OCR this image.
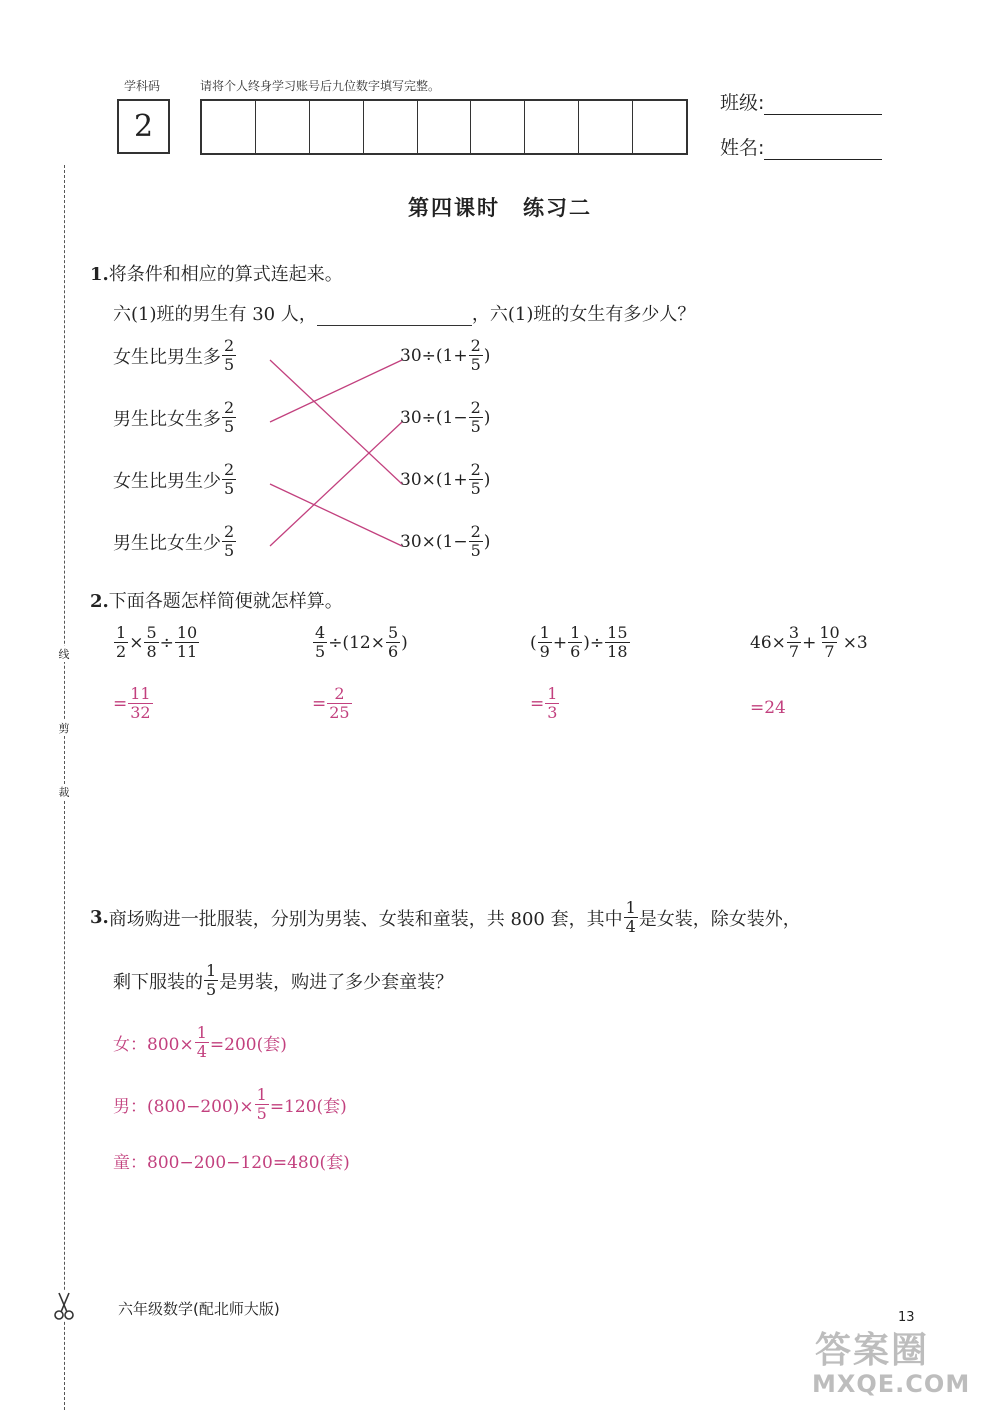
学科码	请将个人终身学习账号后九位数字填写完整。
2
班级:
姓名:
线
剪
裁
第四课时　练习二
1.将条件和相应的算式连起来。
六(1)班的男生有 30 人，	，六(1)班的女生有多少人？
女生比男生多 $\frac{2}{5}$
男生比女生多 $\frac{2}{5}$
女生比男生少 $\frac{2}{5}$
男生比女生少 $\frac{2}{5}$
$30\div(1+ \frac{2}{5}$ )
$30\div(1- \frac{2}{5}$ )
$30\times(1+ \frac{2}{5}$ )
$30\times(1- \frac{2}{5}$ )
2.下面各题怎样简便就怎样算。
$\frac{1}{2} \times \frac{5}{8} \div \frac{10}{11}$
= $\frac{11}{32}$
$\frac{4}{5} \div(12\times \frac{5}{6}$ )
= $\frac{2}{25}$
( $\frac{1}{9} + \frac{1}{6}$ )÷ $\frac{15}{18}$
= $\frac{1}{3}$
$46\times \frac{3}{7} + \frac{10}{7} \times 3$
=24
3. 商场购进一批服装，分别为男装、女装和童装，共 800 套，其中 $\frac{1}{4}$ 是女装，除女装外，
剩下服装的 $\frac{1}{5}$ 是男装，购进了多少套童装？
女：$800\times \frac{1}{4} =200$(套)
男：$(800-200)\times \frac{1}{5} =120$(套)
童：800−200−120=480(套)
六年级数学(配北师大版)	13
答案圈
MXQE.COM
